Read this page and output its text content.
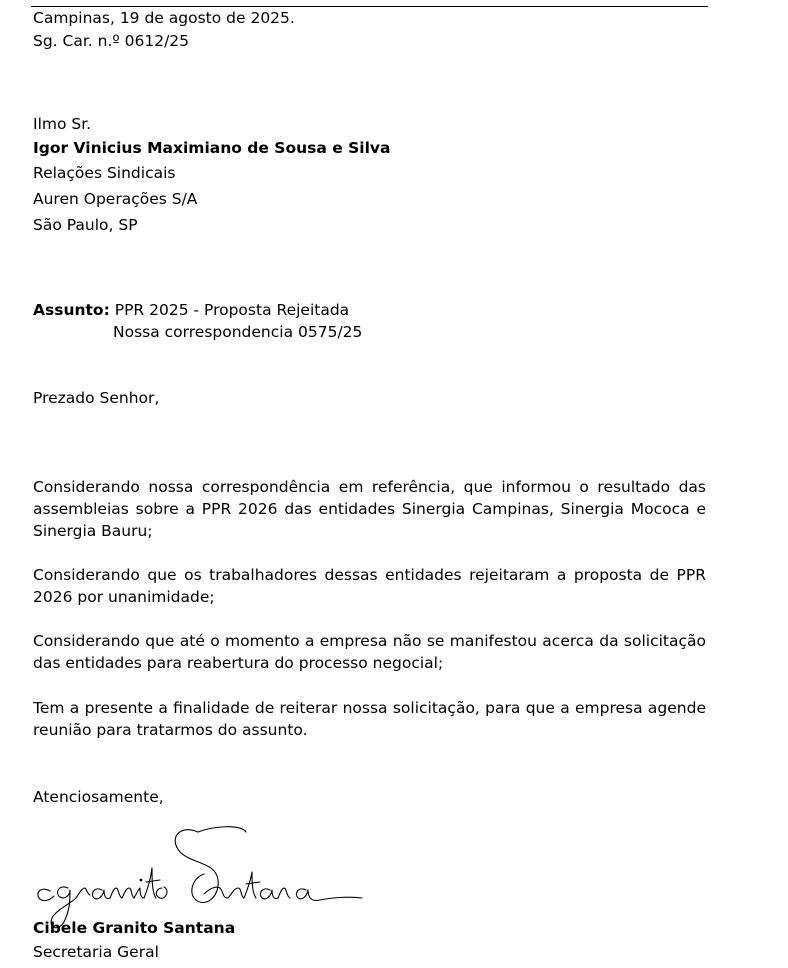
Campinas, 19 de agosto de 2025.
Sg. Car. n.º 0612/25
Ilmo Sr.
Igor Vinicius Maximiano de Sousa e Silva
Relações Sindicais
Auren Operações S/A
São Paulo, SP
Assunto: PPR 2025 - Proposta Rejeitada
Nossa correspondencia 0575/25
Prezado Senhor,
Considerando nossa correspondência em referência, que informou o resultado das assembleias sobre a PPR 2026 das entidades Sinergia Campinas, Sinergia Mococa e Sinergia Bauru;
Considerando que os trabalhadores dessas entidades rejeitaram a proposta de PPR 2026 por unanimidade;
Considerando que até o momento a empresa não se manifestou acerca da solicitação das entidades para reabertura do processo negocial;
Tem a presente a finalidade de reiterar nossa solicitação, para que a empresa agende reunião para tratarmos do assunto.
Atenciosamente,
Cibele Granito Santana
Secretaria Geral
